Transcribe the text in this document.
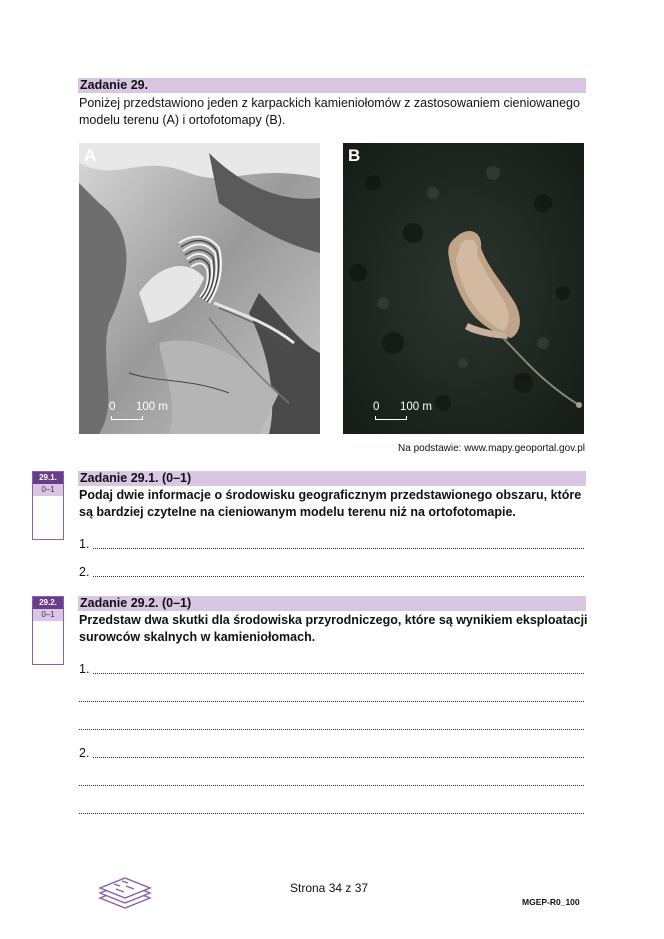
Zadanie 29.
Poniżej przedstawiono jeden z karpackich kamieniołomów z zastosowaniem cieniowanego modelu terenu (A) i ortofotomapy (B).
A
0 100 m
B
0 100 m
Na podstawie: www.mapy.geoportal.gov.pl
29.1.
0–1
Zadanie 29.1. (0–1)
Podaj dwie informacje o środowisku geograficznym przedstawionego obszaru, które są bardziej czytelne na cieniowanym modelu terenu niż na ortofotomapie.
1.
2.
29.2.
0–1
Zadanie 29.2. (0–1)
Przedstaw dwa skutki dla środowiska przyrodniczego, które są wynikiem eksploatacji surowców skalnych w kamieniołomach.
1.
2.
Strona 34 z 37
MGEP-R0_100
